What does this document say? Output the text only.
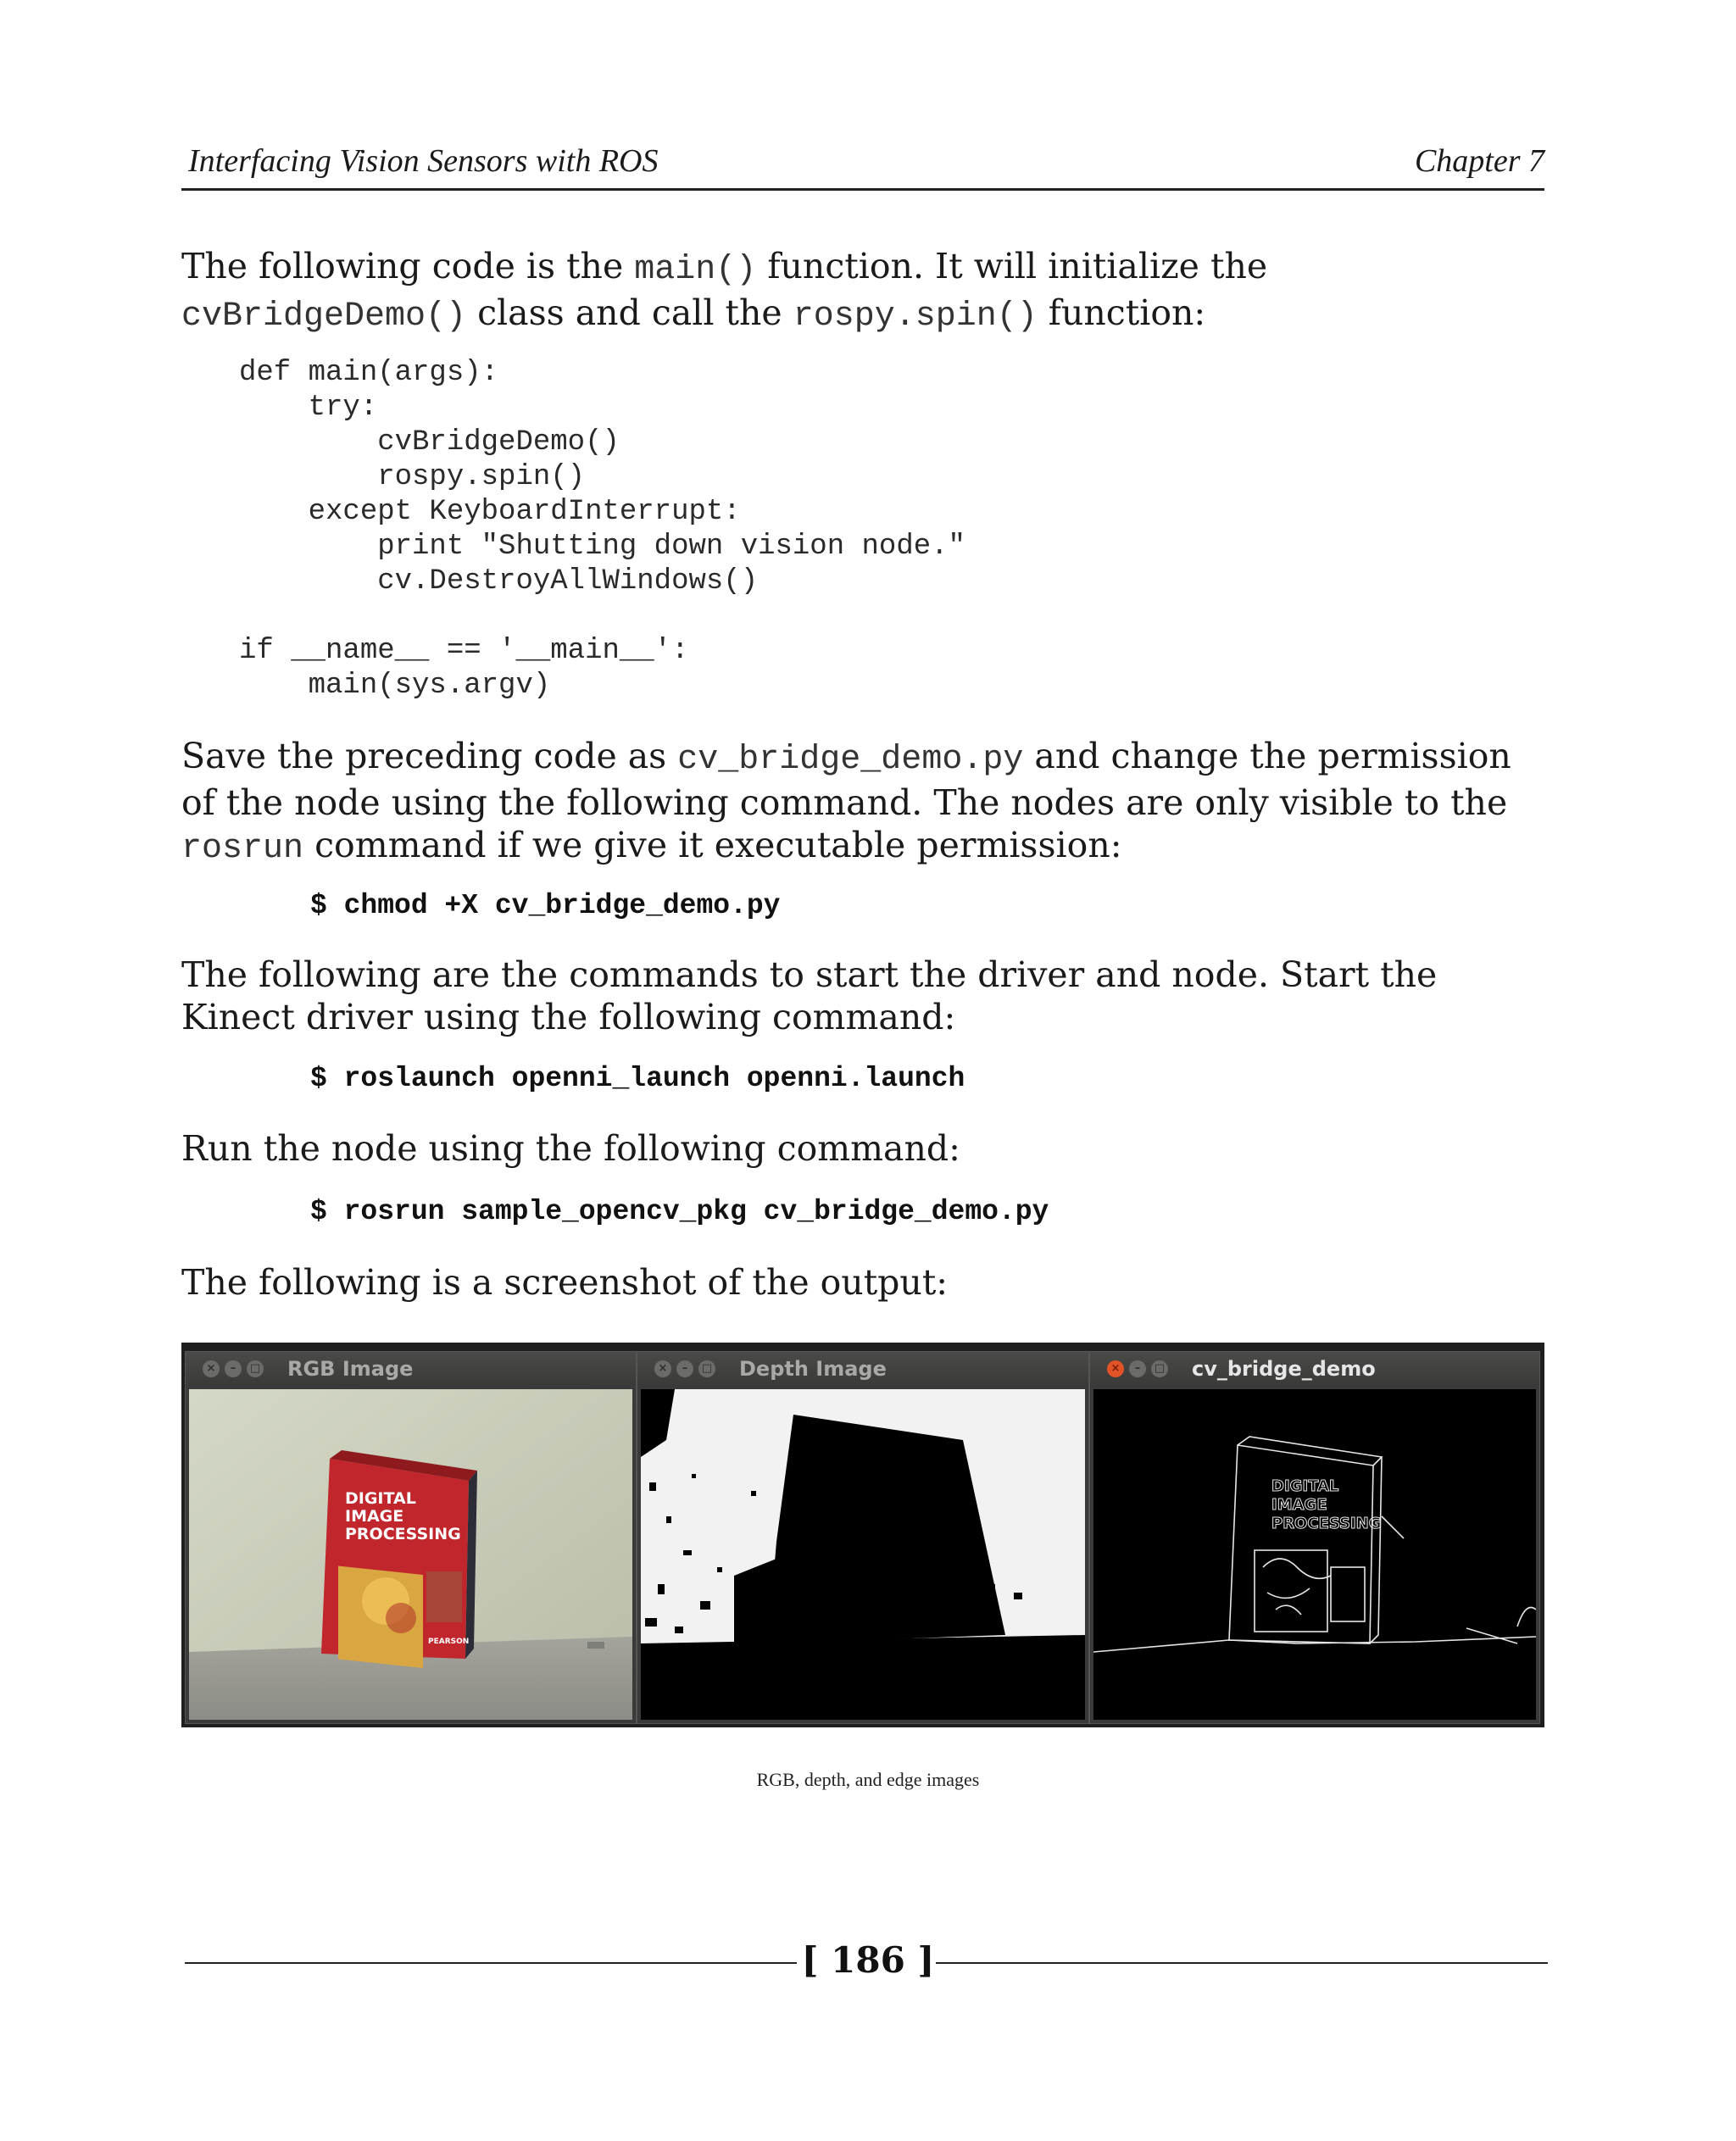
Interfacing Vision Sensors with ROS	Chapter 7
The following code is the main() function. It will initialize the cvBridgeDemo() class and call the rospy.spin() function:
def main(args):
try:
cvBridgeDemo()
rospy.spin()
except KeyboardInterrupt:
print "Shutting down vision node."
cv.DestroyAllWindows()

if __name__ == '__main__':
main(sys.argv)
Save the preceding code as cv_bridge_demo.py and change the permission of the node using the following command. The nodes are only visible to the rosrun command if we give it executable permission:
$ chmod +X cv_bridge_demo.py
The following are the commands to start the driver and node. Start the Kinect driver using the following command:
$ roslaunch openni_launch openni.launch
Run the node using the following command:
$ rosrun sample_opencv_pkg cv_bridge_demo.py
The following is a screenshot of the output:
×	–	□ RGB Image
DIGITAL
IMAGE
PROCESSING
PEARSON
×	–	□ Depth Image	×	–	□ cv_bridge_demo
DIGITAL
IMAGE
PROCESSING
RGB, depth, and edge images
[ 186 ]
